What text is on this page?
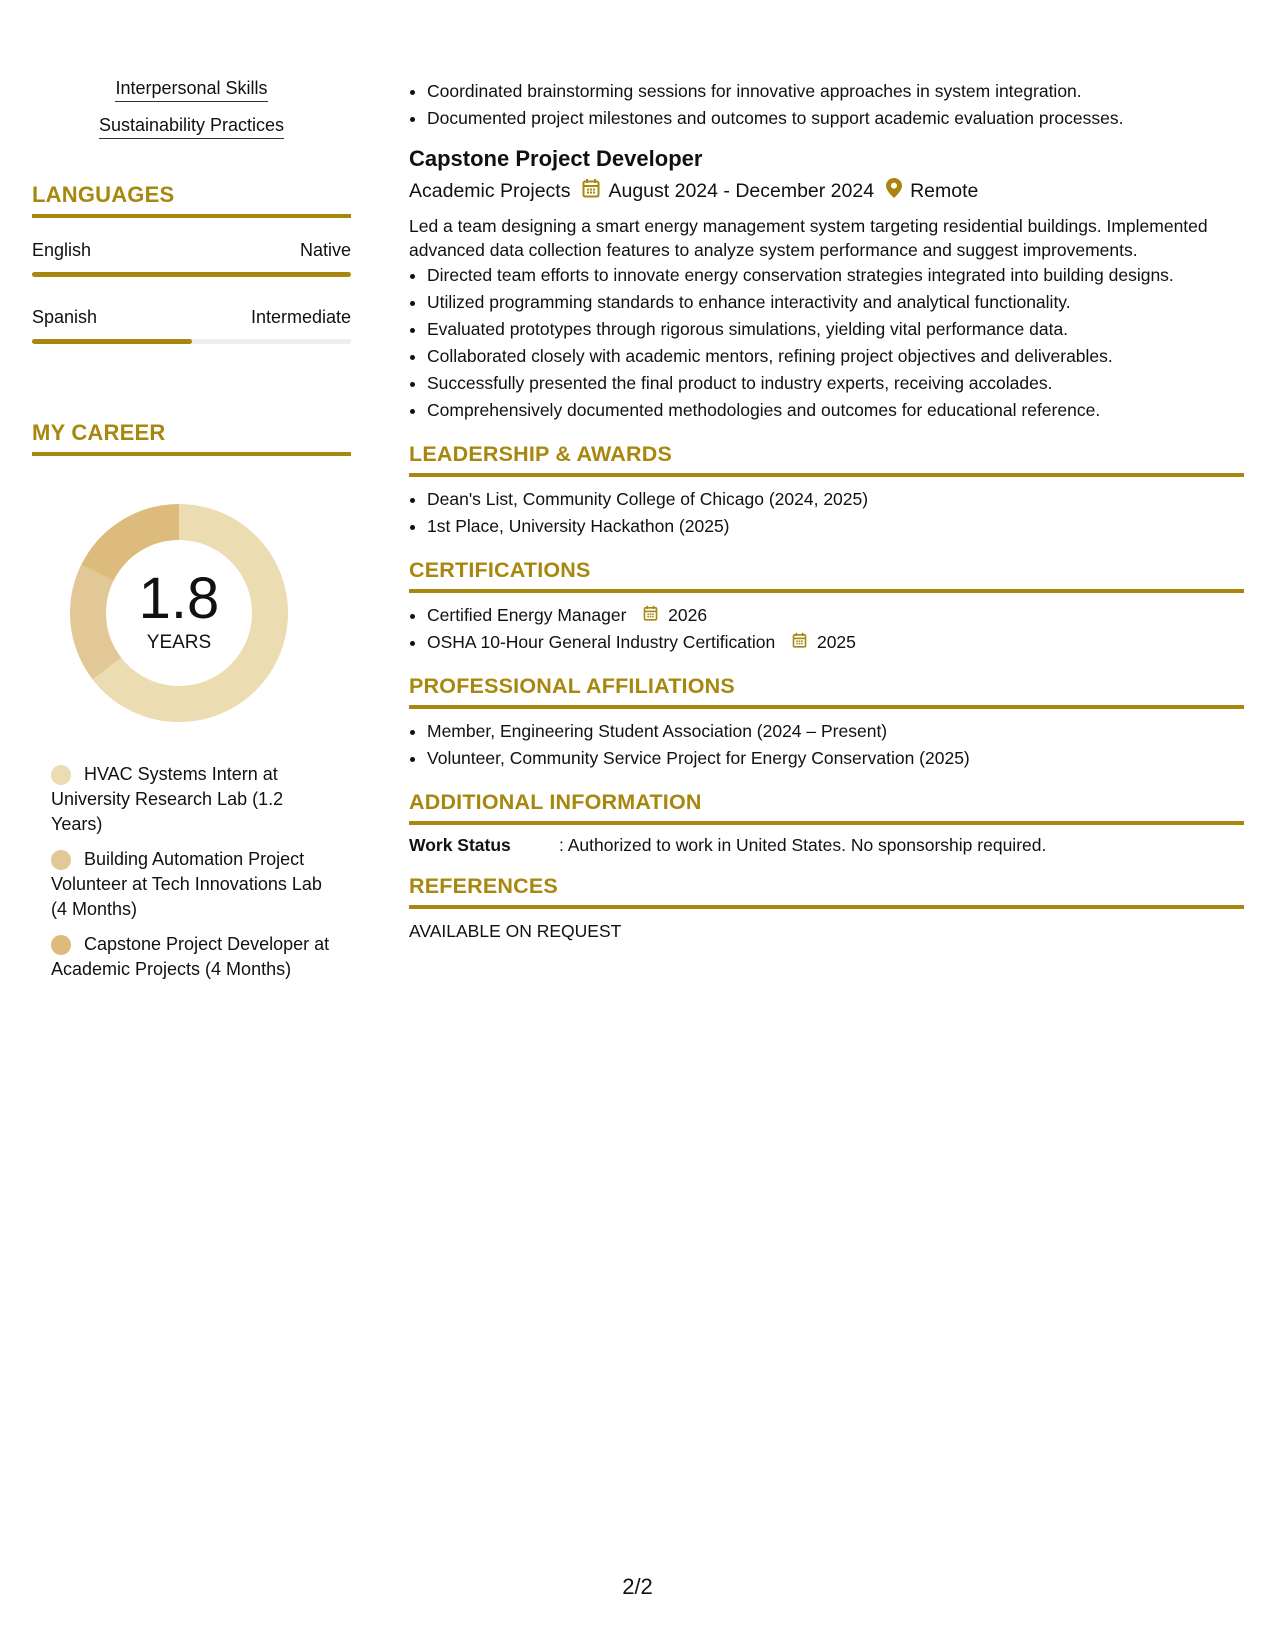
Interpersonal Skills
Sustainability Practices
LANGUAGES
English	Native
Spanish	Intermediate
MY CAREER
1.8
YEARS
HVAC Systems Intern at University Research Lab (1.2 Years)
Building Automation Project Volunteer at Tech Innovations Lab (4 Months)
Capstone Project Developer at Academic Projects (4 Months)
• Coordinated brainstorming sessions for innovative approaches in system integration.
• Documented project milestones and outcomes to support academic evaluation processes.
Capstone Project Developer
Academic Projects August 2024 - December 2024 Remote
Led a team designing a smart energy management system targeting residential buildings. Implemented advanced data collection features to analyze system performance and suggest improvements.
• Directed team efforts to innovate energy conservation strategies integrated into building designs.
• Utilized programming standards to enhance interactivity and analytical functionality.
• Evaluated prototypes through rigorous simulations, yielding vital performance data.
• Collaborated closely with academic mentors, refining project objectives and deliverables.
• Successfully presented the final product to industry experts, receiving accolades.
• Comprehensively documented methodologies and outcomes for educational reference.
LEADERSHIP & AWARDS
• Dean's List, Community College of Chicago (2024, 2025)
• 1st Place, University Hackathon (2025)
CERTIFICATIONS
• Certified Energy Manager 2026
• OSHA 10-Hour General Industry Certification 2025
PROFESSIONAL AFFILIATIONS
• Member, Engineering Student Association (2024 – Present)
• Volunteer, Community Service Project for Energy Conservation (2025)
ADDITIONAL INFORMATION
Work Status	: Authorized to work in United States. No sponsorship required.
REFERENCES
AVAILABLE ON REQUEST
2/2
